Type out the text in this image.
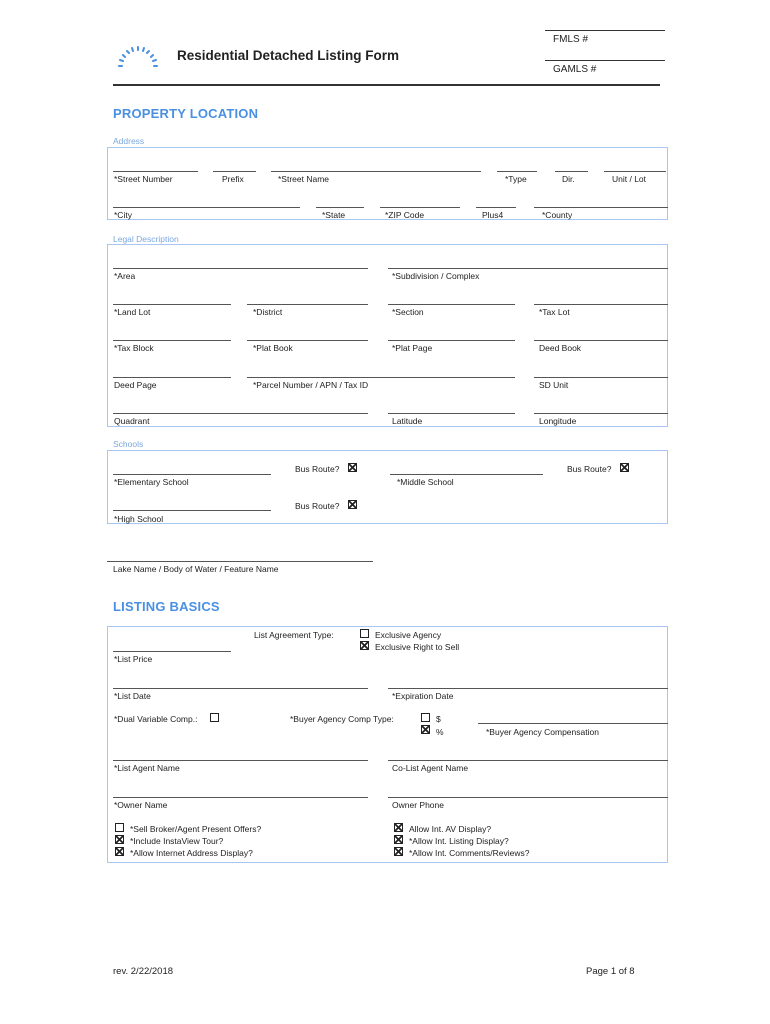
Residential Detached Listing Form
FMLS #
GAMLS #
PROPERTY LOCATION
Address
*Street Number	Prefix	*Street Name	*Type	Dir.	Unit / Lot
*City	*State	*ZIP Code	Plus4	*County
Legal Description
*Area	*Subdivision / Complex
*Land Lot	*District	*Section	*Tax Lot
*Tax Block	*Plat Book	*Plat Page	Deed Book
Deed Page	*Parcel Number / APN / Tax ID	SD Unit
Quadrant	Latitude	Longitude
Schools
Bus Route?	Bus Route?
*Elementary School	*Middle School
Bus Route?
*High School
Lake Name / Body of Water / Feature Name
LISTING BASICS
List Agreement Type:	Exclusive Agency
Exclusive Right to Sell
*List Price
*List Date	*Expiration Date
*Dual Variable Comp.:	*Buyer Agency Comp Type:	$
%	*Buyer Agency Compensation
*List Agent Name	Co-List Agent Name
*Owner Name	Owner Phone
*Sell Broker/Agent Present Offers?
*Include InstaView Tour?
*Allow Internet Address Display?
Allow Int. AV Display?
*Allow Int. Listing Display?
*Allow Int. Comments/Reviews?
rev. 2/22/2018	Page 1 of 8
